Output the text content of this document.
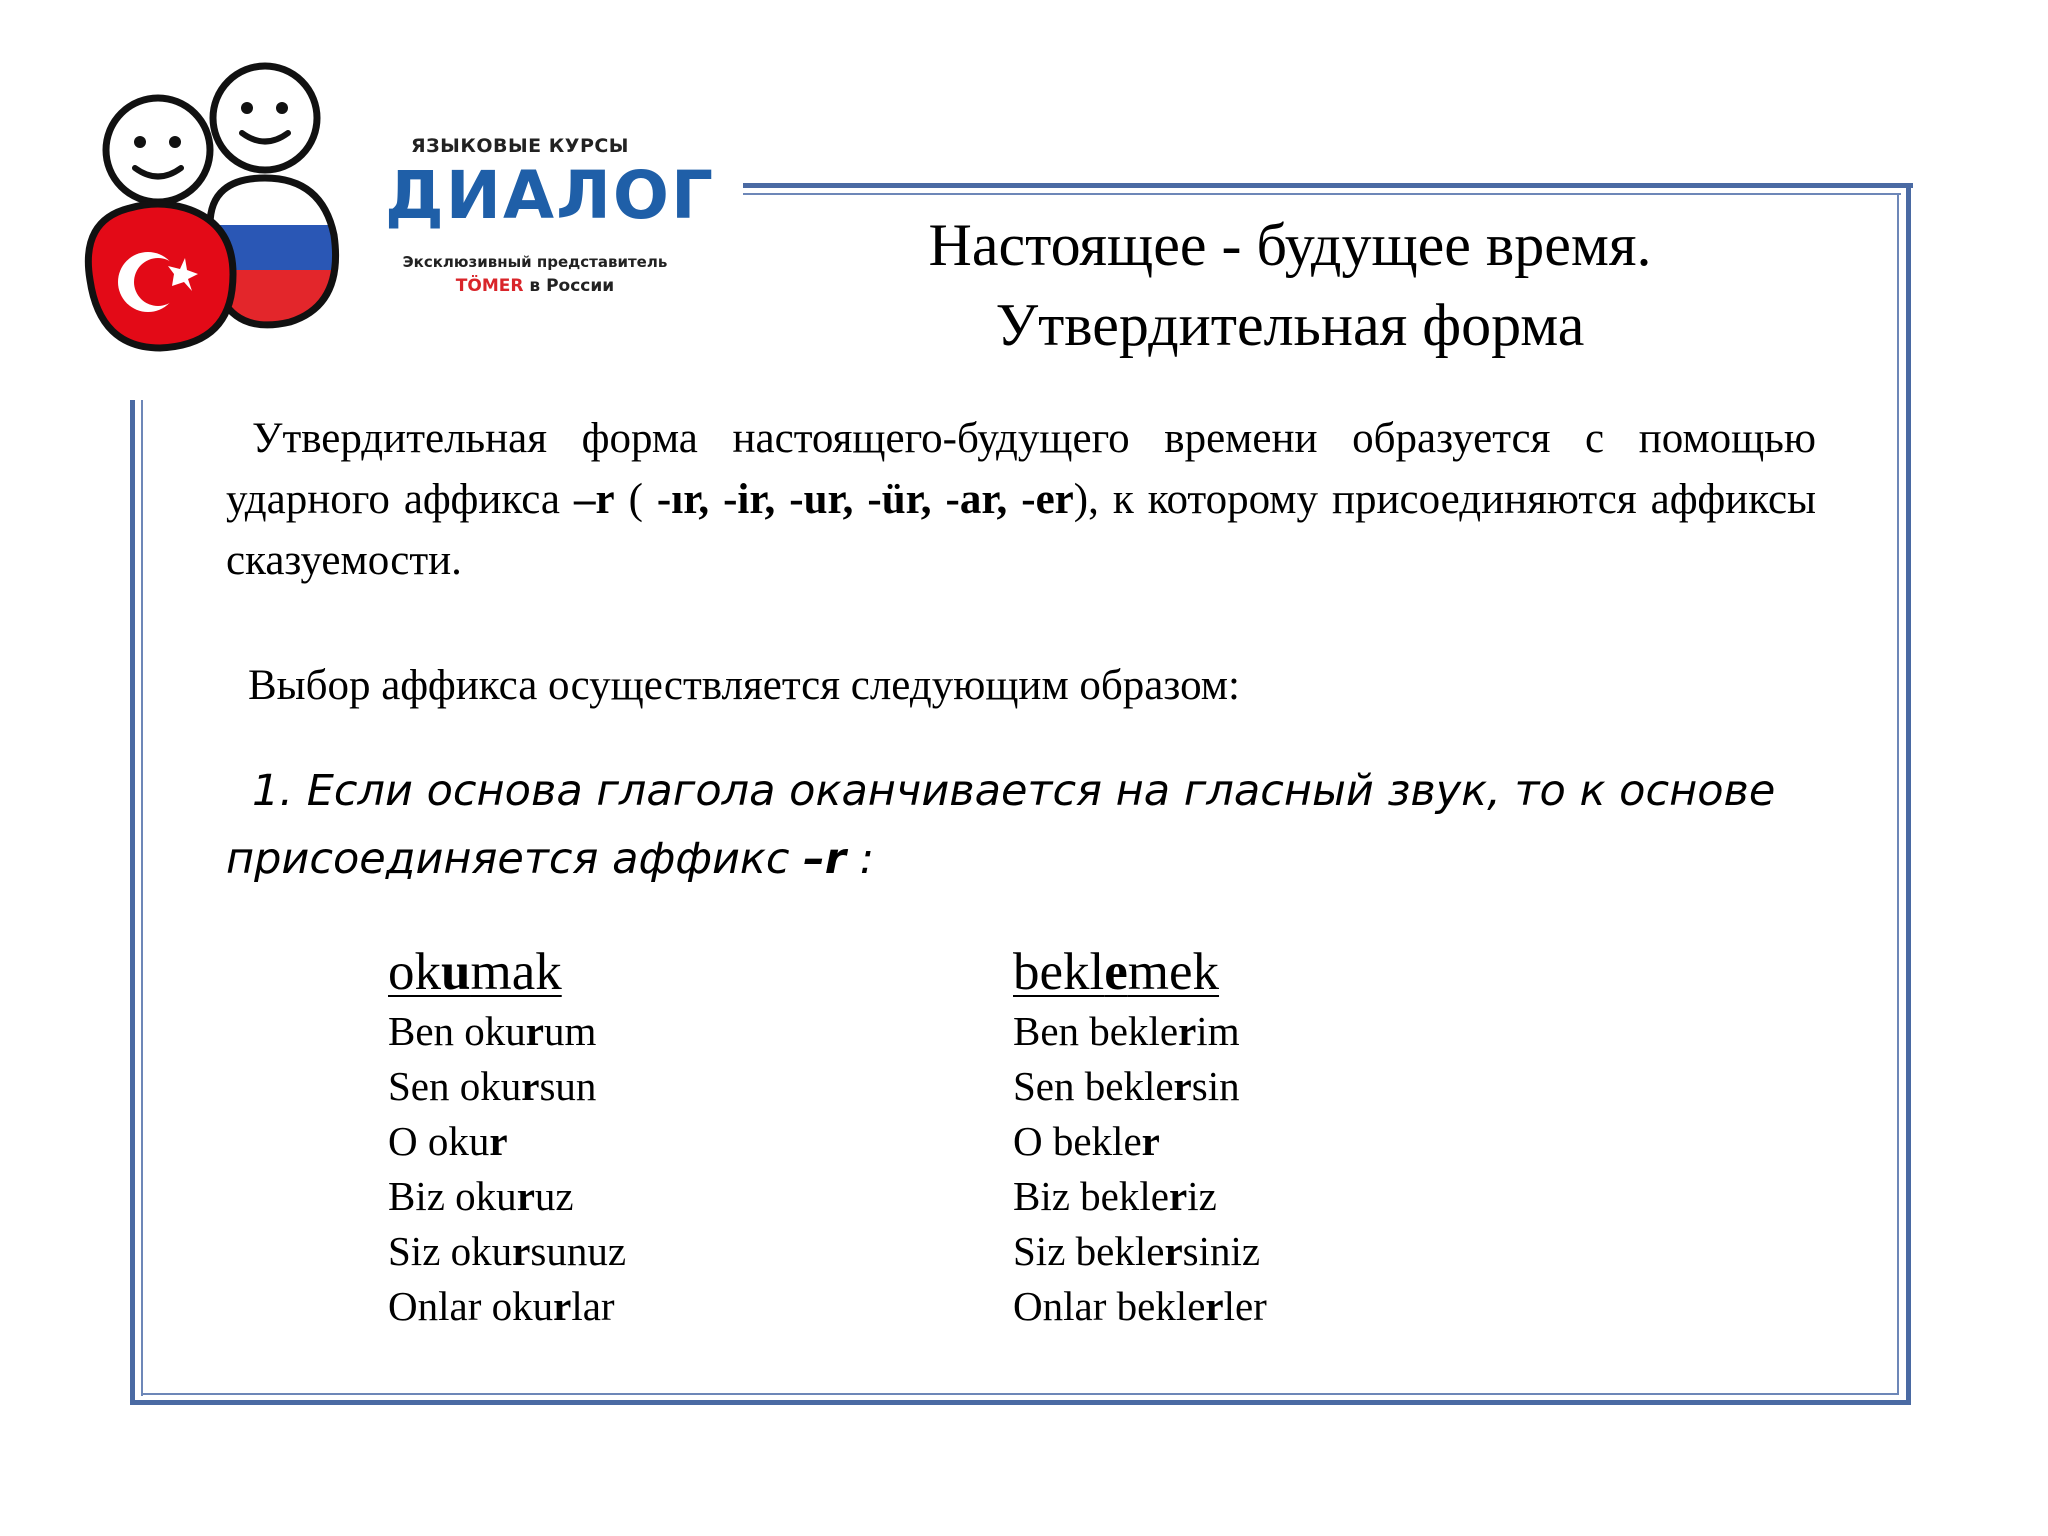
ЯЗЫКОВЫЕ КУРСЫ
ДИАЛОГ
Эксклюзивный представитель
TÖMER в России
Настоящее - будущее время.
Утвердительная форма
Утвердительная форма настоящего-будущего времени образуется с помощью ударного аффикса –r ( -ır, -ir, -ur, -ür, -ar, -er), к которому присоединяются аффиксы сказуемости.
Выбор аффикса осуществляется следующим образом:
1. Если основа глагола оканчивается на гласный звук, то к основе присоединяется аффикс –r :
okumak
Ben okurum
Sen okursun
O okur
Biz okuruz
Siz okursunuz
Onlar okurlar
beklemek
Ben beklerim
Sen beklersin
O bekler
Biz bekleriz
Siz beklersiniz
Onlar beklerler
